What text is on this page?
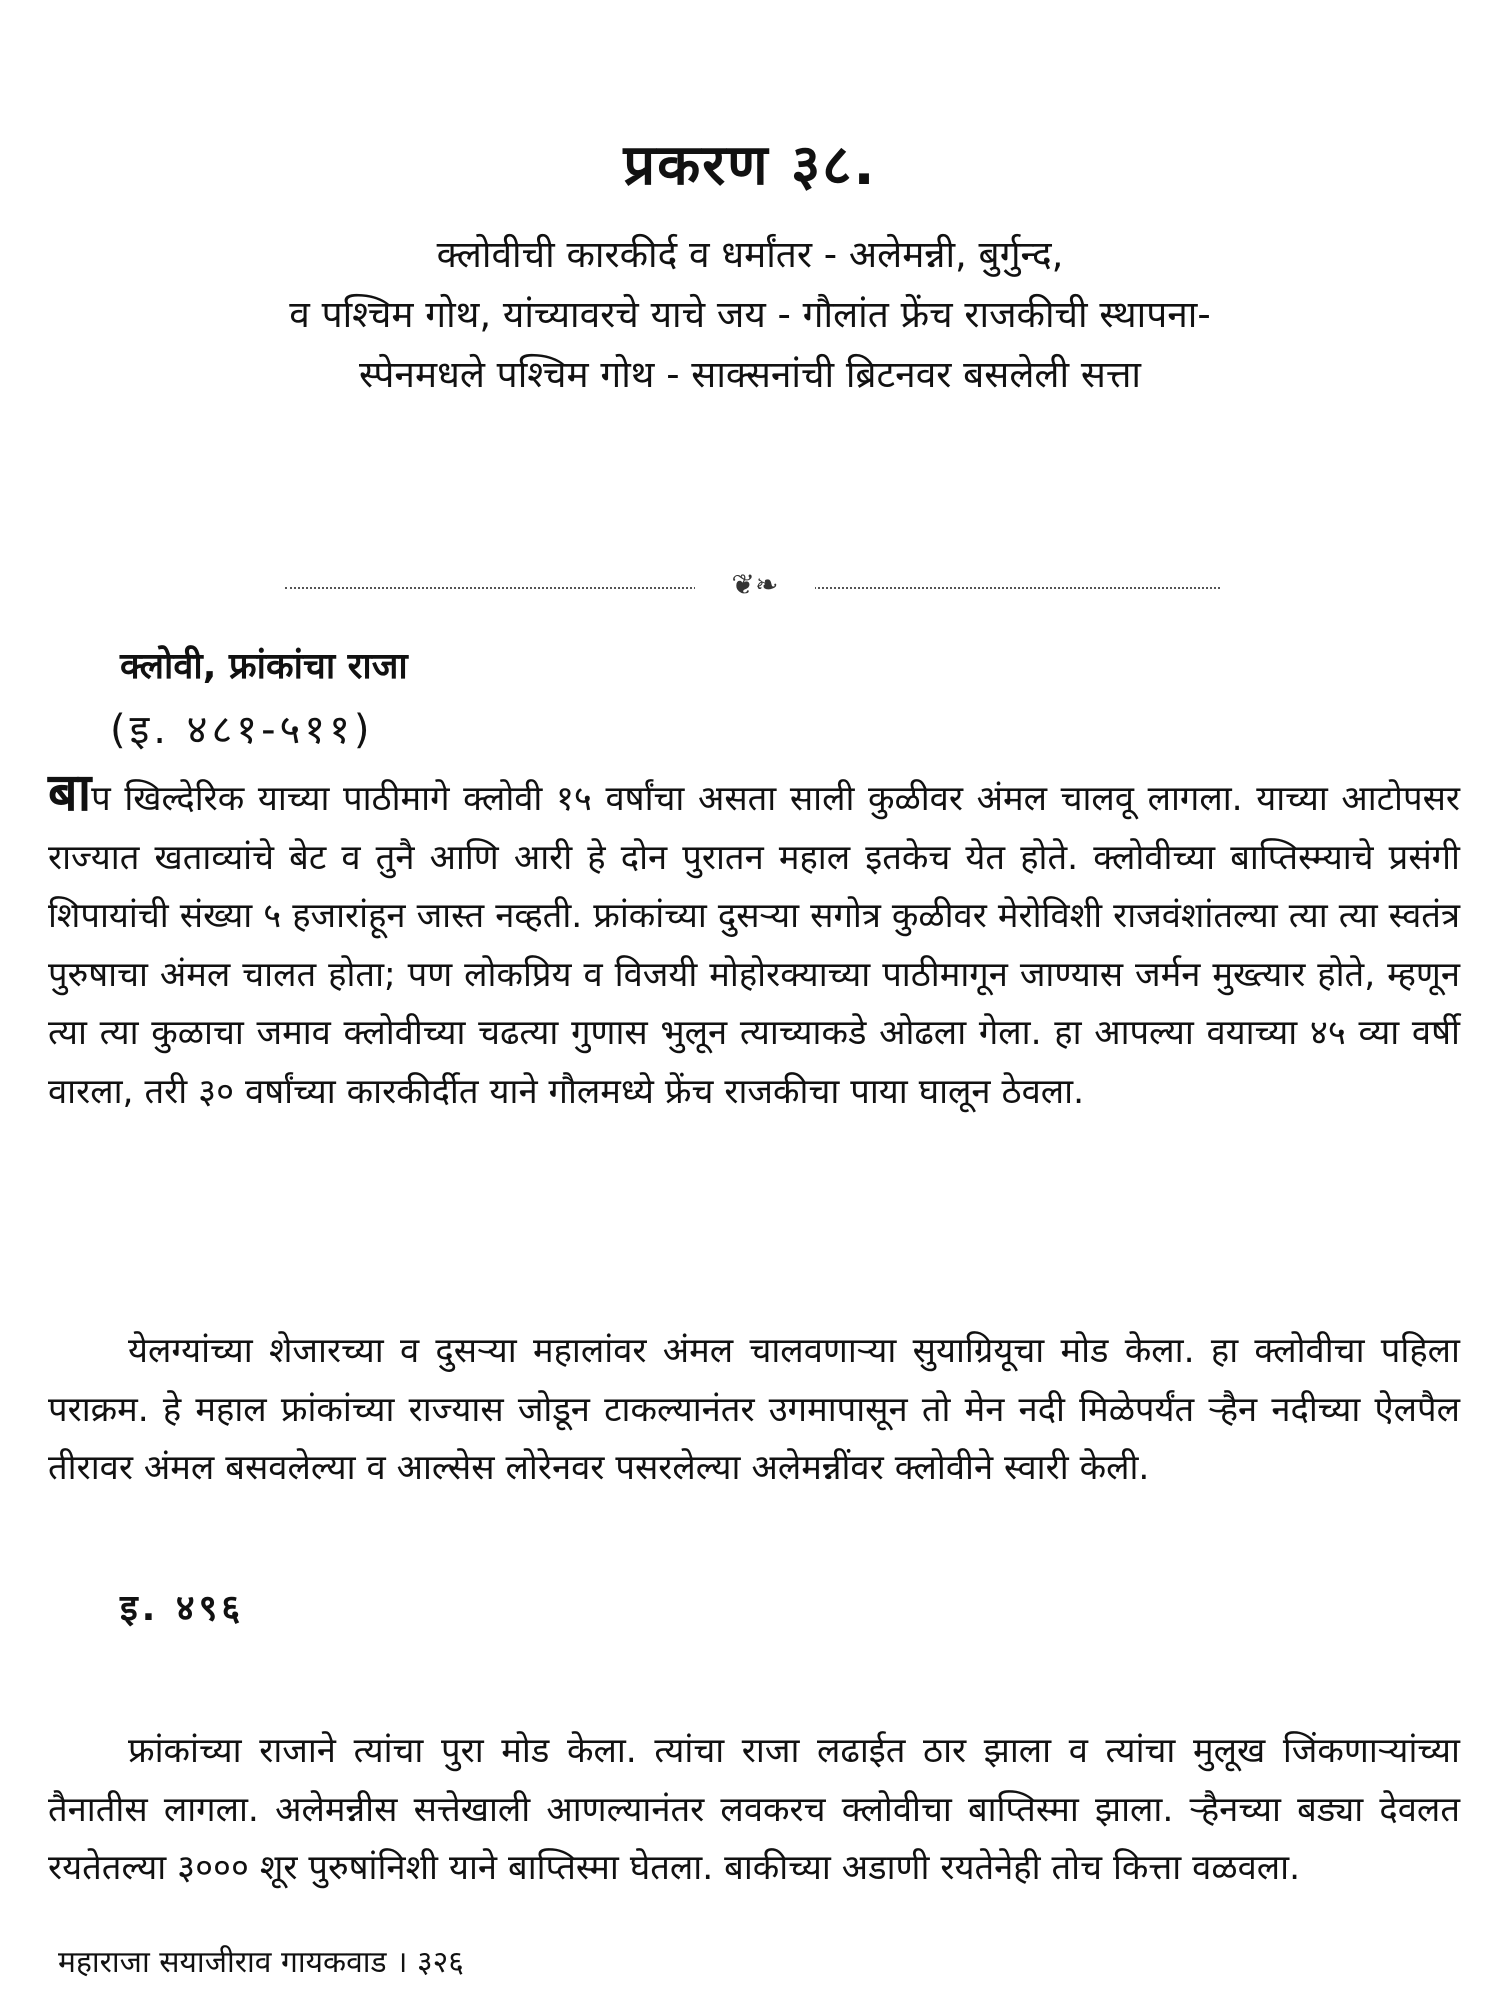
प्रकरण ३८.
क्लोवीची कारकीर्द व धर्मांतर - अलेमन्नी, बुर्गुन्द,
व पश्चिम गोथ, यांच्यावरचे याचे जय - गौलांत फ्रेंच राजकीची स्थापना-
स्पेनमधले पश्चिम गोथ - साक्सनांची ब्रिटनवर बसलेली सत्ता
❦❧
क्लोवी, फ्रांकांचा राजा
(इ. ४८१-५११)

बाप खिल्देरिक याच्या पाठीमागे क्लोवी १५ वर्षांचा असता साली कुळीवर अंमल चालवू लागला. याच्या आटोपसर राज्यात खताव्यांचे बेट व तुनै आणि आरी हे दोन पुरातन महाल इतकेच येत होते. क्लोवीच्या बाप्तिस्म्याचे प्रसंगी शिपायांची संख्या ५ हजारांहून जास्त नव्हती. फ्रांकांच्या दुसऱ्या सगोत्र कुळीवर मेरोविशी राजवंशांतल्या त्या त्या स्वतंत्र पुरुषाचा अंमल चालत होता; पण लोकप्रिय व विजयी मोहोरक्याच्या पाठीमागून जाण्यास जर्मन मुख्त्यार होते, म्हणून त्या त्या कुळाचा जमाव क्लोवीच्या चढत्या गुणास भुलून त्याच्याकडे ओढला गेला. हा आपल्या वयाच्या ४५ व्या वर्षी वारला, तरी ३० वर्षांच्या कारकीर्दीत याने गौलमध्ये फ्रेंच राजकीचा पाया घालून ठेवला.

येलग्यांच्या शेजारच्या व दुसऱ्या महालांवर अंमल चालवणाऱ्या सुयाग्रियूचा मोड केला. हा क्लोवीचा पहिला पराक्रम. हे महाल फ्रांकांच्या राज्यास जोडून टाकल्यानंतर उगमापासून तो मेन नदी मिळेपर्यंत ऱ्हैन नदीच्या ऐलपैल तीरावर अंमल बसवलेल्या व आल्सेस लोरेनवर पसरलेल्या अलेमन्नींवर क्लोवीने स्वारी केली.

इ. ४९६

फ्रांकांच्या राजाने त्यांचा पुरा मोड केला. त्यांचा राजा लढाईत ठार झाला व त्यांचा मुलूख जिंकणाऱ्यांच्या तैनातीस लागला. अलेमन्नीस सत्तेखाली आणल्यानंतर लवकरच क्लोवीचा बाप्तिस्मा झाला. ऱ्हैनच्या बड्या देवलत रयतेतल्या ३००० शूर पुरुषांनिशी याने बाप्तिस्मा घेतला. बाकीच्या अडाणी रयतेनेही तोच कित्ता वळवला.

महाराजा सयाजीराव गायकवाड । ३२६
